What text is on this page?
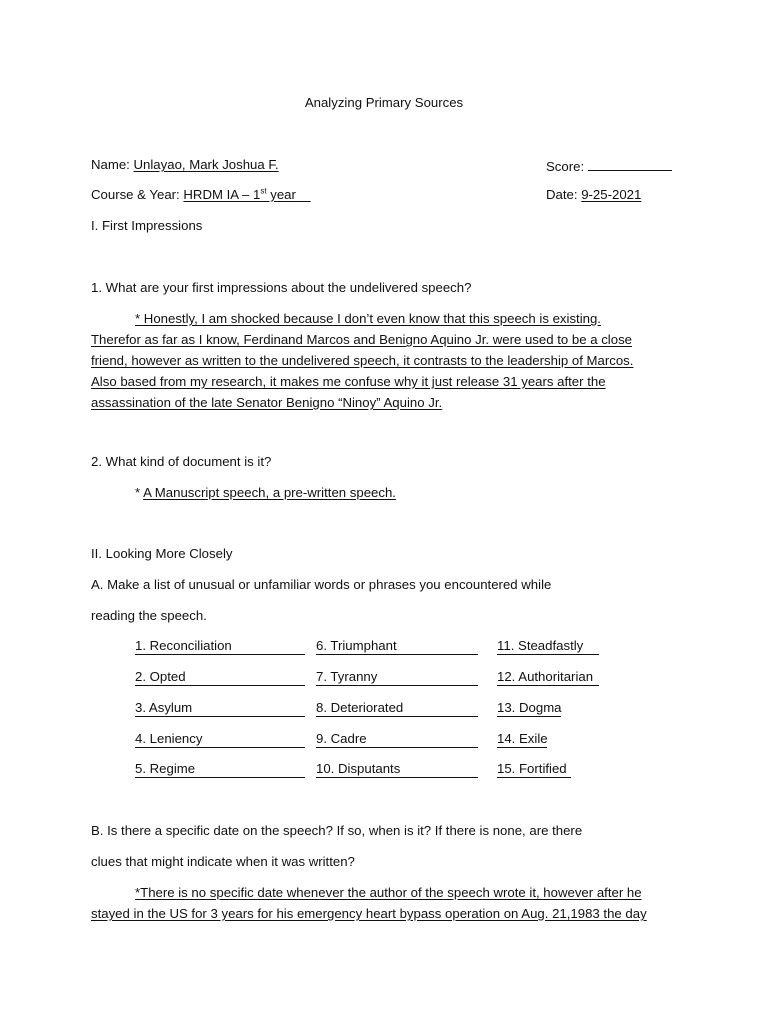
Analyzing Primary Sources
Name: Unlayao, Mark Joshua F.	Score:
Course & Year: HRDM IA – 1st year	Date: 9-25-2021
I. First Impressions
1. What are your first impressions about the undelivered speech?

* Honestly, I am shocked because I don’t even know that this speech is existing.

Therefor as far as I know, Ferdinand Marcos and Benigno Aquino Jr. were used to be a close

friend, however as written to the undelivered speech, it contrasts to the leadership of Marcos.

Also based from my research, it makes me confuse why it just release 31 years after the

assassination of the late Senator Benigno “Ninoy” Aquino Jr.

2. What kind of document is it?
* A Manuscript speech, a pre-written speech.
II. Looking More Closely
A. Make a list of unusual or unfamiliar words or phrases you encountered while
reading the speech.
1. Reconciliation	6. Triumphant	11. Steadfastly
2. Opted	7. Tyranny	12. Authoritarian
3. Asylum	8. Deteriorated	13. Dogma
4. Leniency	9. Cadre	14. Exile
5. Regime	10. Disputants	15. Fortified
B. Is there a specific date on the speech? If so, when is it? If there is none, are there
clues that might indicate when it was written?

*There is no specific date whenever the author of the speech wrote it, however after he

stayed in the US for 3 years for his emergency heart bypass operation on Aug. 21,1983 the day
